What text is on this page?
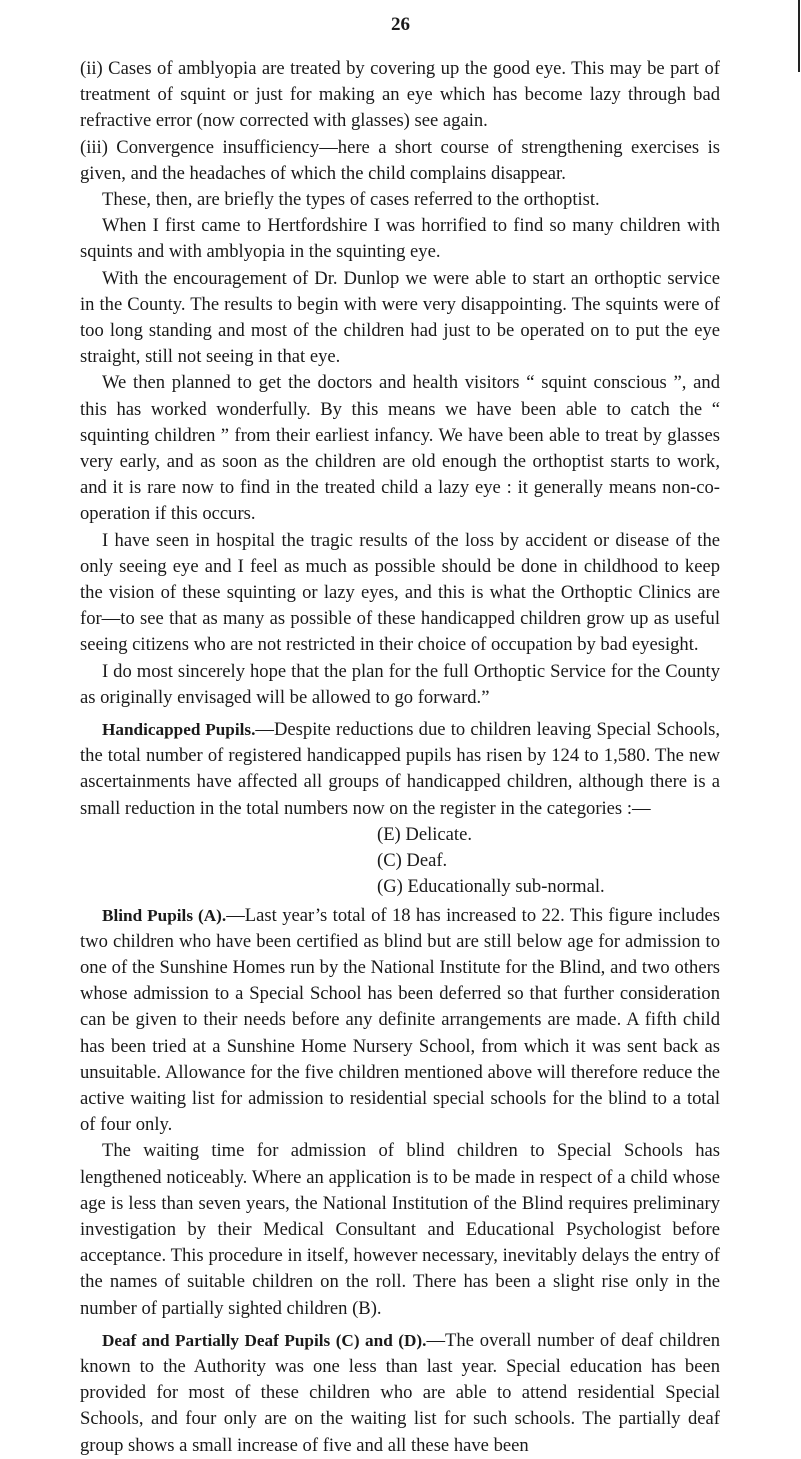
26

(ii) Cases of amblyopia are treated by covering up the good eye. This may be part of treatment of squint or just for making an eye which has become lazy through bad refractive error (now corrected with glasses) see again.

(iii) Convergence insufficiency—here a short course of strengthening exercises is given, and the headaches of which the child complains disappear.

These, then, are briefly the types of cases referred to the orthoptist.

When I first came to Hertfordshire I was horrified to find so many children with squints and with amblyopia in the squinting eye.

With the encouragement of Dr. Dunlop we were able to start an orthoptic service in the County. The results to begin with were very disappointing. The squints were of too long standing and most of the children had just to be operated on to put the eye straight, still not seeing in that eye.

We then planned to get the doctors and health visitors “ squint conscious ”, and this has worked wonderfully. By this means we have been able to catch the “ squinting children ” from their earliest infancy. We have been able to treat by glasses very early, and as soon as the children are old enough the orthoptist starts to work, and it is rare now to find in the treated child a lazy eye : it generally means non-co-operation if this occurs.

I have seen in hospital the tragic results of the loss by accident or disease of the only seeing eye and I feel as much as possible should be done in childhood to keep the vision of these squinting or lazy eyes, and this is what the Orthoptic Clinics are for—to see that as many as possible of these handicapped children grow up as useful seeing citizens who are not restricted in their choice of occupation by bad eyesight.

I do most sincerely hope that the plan for the full Orthoptic Service for the County as originally envisaged will be allowed to go forward.”

Handicapped Pupils.—Despite reductions due to children leaving Special Schools, the total number of registered handicapped pupils has risen by 124 to 1,580. The new ascertainments have affected all groups of handicapped children, although there is a small reduction in the total numbers now on the register in the categories :—

(E) Delicate.
(C) Deaf.
(G) Educationally sub-normal.

Blind Pupils (A).—Last year’s total of 18 has increased to 22. This figure includes two children who have been certified as blind but are still below age for admission to one of the Sunshine Homes run by the National Institute for the Blind, and two others whose admission to a Special School has been deferred so that further consideration can be given to their needs before any definite arrangements are made. A fifth child has been tried at a Sunshine Home Nursery School, from which it was sent back as unsuitable. Allowance for the five children mentioned above will therefore reduce the active waiting list for admission to residential special schools for the blind to a total of four only.

The waiting time for admission of blind children to Special Schools has lengthened noticeably. Where an application is to be made in respect of a child whose age is less than seven years, the National Institution of the Blind requires preliminary investigation by their Medical Consultant and Educational Psychologist before acceptance. This procedure in itself, however necessary, inevitably delays the entry of the names of suitable children on the roll. There has been a slight rise only in the number of partially sighted children (B).

Deaf and Partially Deaf Pupils (C) and (D).—The overall number of deaf children known to the Authority was one less than last year. Special education has been provided for most of these children who are able to attend residential Special Schools, and four only are on the waiting list for such schools. The partially deaf group shows a small increase of five and all these have been
